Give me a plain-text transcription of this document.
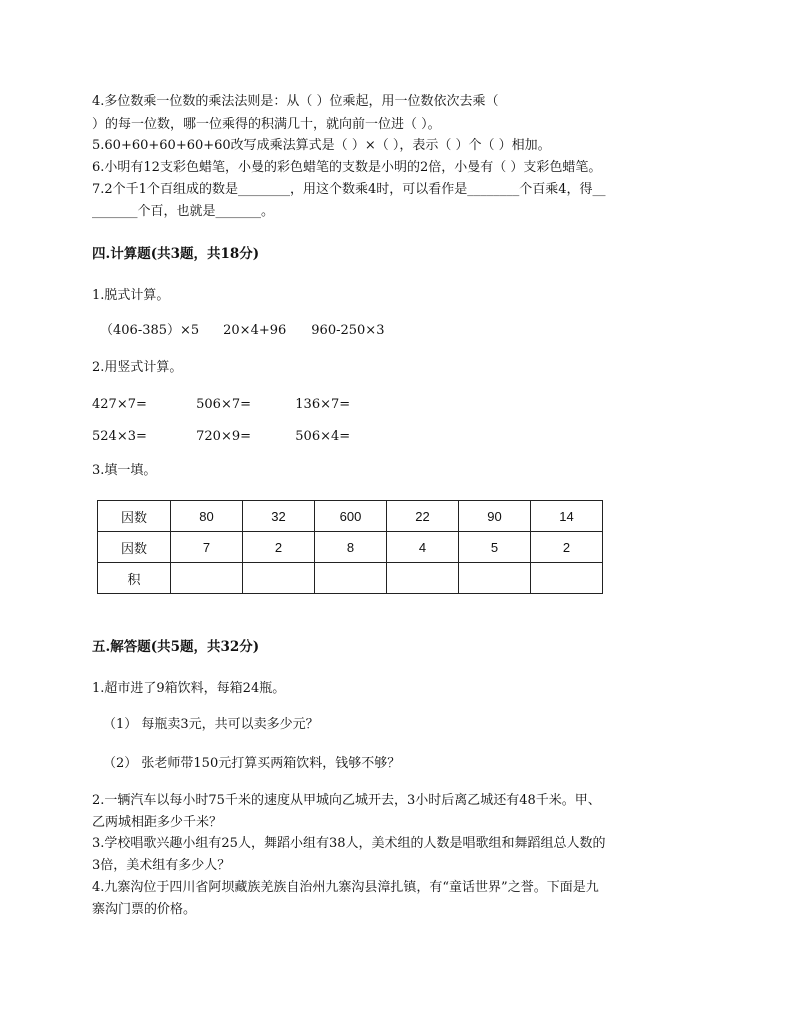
4.多位数乘一位数的乘法法则是：从（ ）位乘起，用一位数依次去乘（
）的每一位数，哪一位乘得的积满几十，就向前一位进（ ）。
5.60+60+60+60+60改写成乘法算式是（ ）×（ ），表示（ ）个（ ）相加。
6.小明有12支彩色蜡笔，小曼的彩色蜡笔的支数是小明的2倍，小曼有（ ）支彩色蜡笔。
7.2个千1个百组成的数是________，用这个数乘4时，可以看作是________个百乘4，得__
_______个百，也就是_______。
四.计算题(共3题，共18分)
1.脱式计算。
（406-385）×5 20×4+96 960-250×3
2.用竖式计算。
427×7=	506×7=	136×7=
524×3=	720×9=	506×4=
3.填一填。
因数	80	32	600	22	90	14
因数	7	2	8	4	5	2
积						
五.解答题(共5题，共32分)
1.超市进了9箱饮料，每箱24瓶。
（1） 每瓶卖3元，共可以卖多少元？
（2） 张老师带150元打算买两箱饮料，钱够不够？
2.一辆汽车以每小时75千米的速度从甲城向乙城开去，3小时后离乙城还有48千米。甲、
乙两城相距多少千米？
3.学校唱歌兴趣小组有25人，舞蹈小组有38人，美术组的人数是唱歌组和舞蹈组总人数的
3倍，美术组有多少人？
4.九寨沟位于四川省阿坝藏族羌族自治州九寨沟县漳扎镇，有“童话世界”之誉。下面是九
寨沟门票的价格。
